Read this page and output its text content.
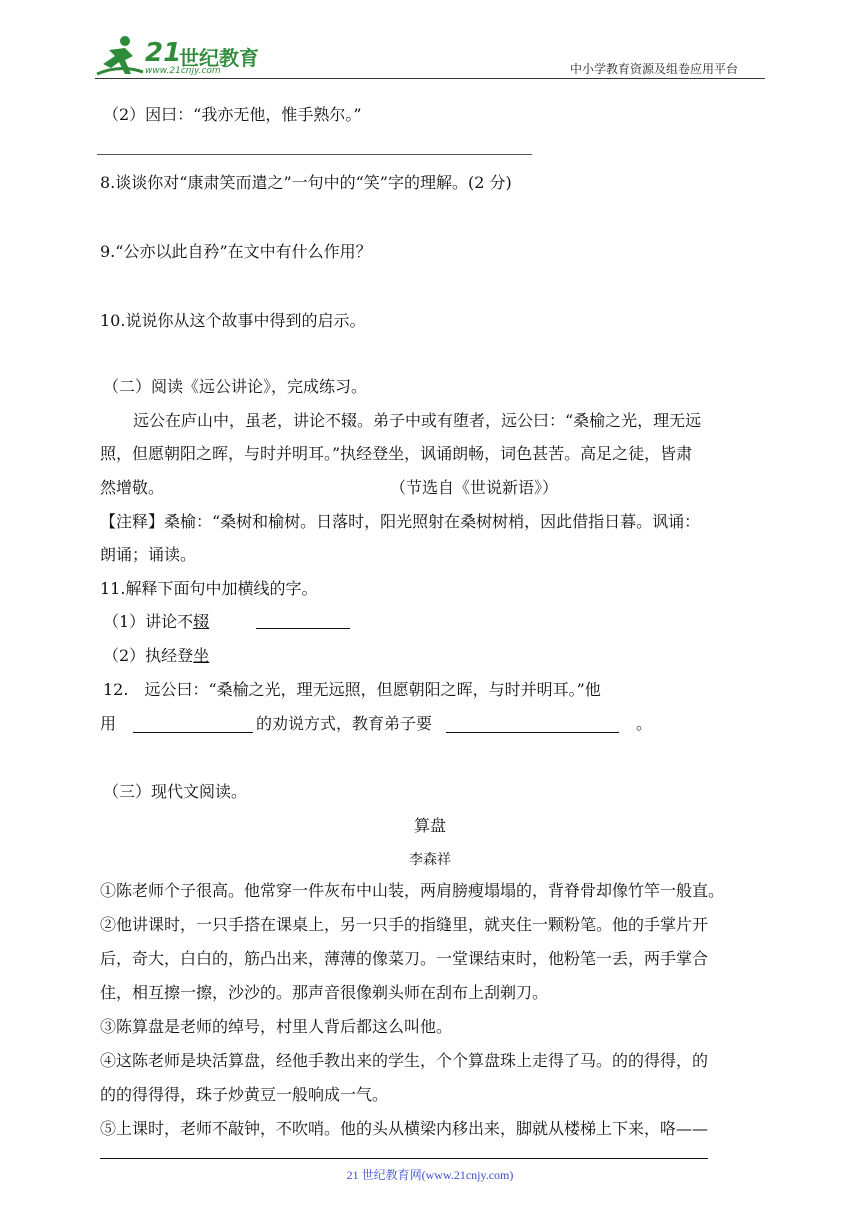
21
世纪教育
www.21cnjy.com	中小学教育资源及组卷应用平台
（2）因曰：“我亦无他，惟手熟尔。”
8.谈谈你对“康肃笑而遣之”一句中的“笑”字的理解。(2 分)
9.“公亦以此自矜”在文中有什么作用？
10.说说你从这个故事中得到的启示。
（二）阅读《远公讲论》，完成练习。
远公在庐山中，虽老，讲论不辍。弟子中或有堕者，远公曰：“桑榆之光，理无远
照，但愿朝阳之晖，与时并明耳。”执经登坐，讽诵朗畅，词色甚苦。高足之徒，皆肃
然增敬。	（节选自《世说新语》）
【注释】桑榆：“桑树和榆树。日落时，阳光照射在桑树树梢，因此借指日暮。讽诵：
朗诵；诵读。
11.解释下面句中加横线的字。
（1）讲论不辍
（2）执经登坐
12.　远公曰：“桑榆之光，理无远照，但愿朝阳之晖，与时并明耳。”他
用	的劝说方式，教育弟子要	。
（三）现代文阅读。
算盘
李森祥
①陈老师个子很高。他常穿一件灰布中山装，两肩膀瘦塌塌的，背脊骨却像竹竿一般直。
②他讲课时，一只手搭在课桌上，另一只手的指缝里，就夹住一颗粉笔。他的手掌片开
后，奇大，白白的，筋凸出来，薄薄的像菜刀。一堂课结束时，他粉笔一丢，两手掌合
住，相互擦一擦，沙沙的。那声音很像剃头师在刮布上刮剃刀。
③陈算盘是老师的绰号，村里人背后都这么叫他。
④这陈老师是块活算盘，经他手教出来的学生，个个算盘珠上走得了马。的的得得，的
的的得得得，珠子炒黄豆一般响成一气。
⑤上课时，老师不敲钟，不吹哨。他的头从横梁内移出来，脚就从楼梯上下来，咯——
21 世纪教育网(www.21cnjy.com)
